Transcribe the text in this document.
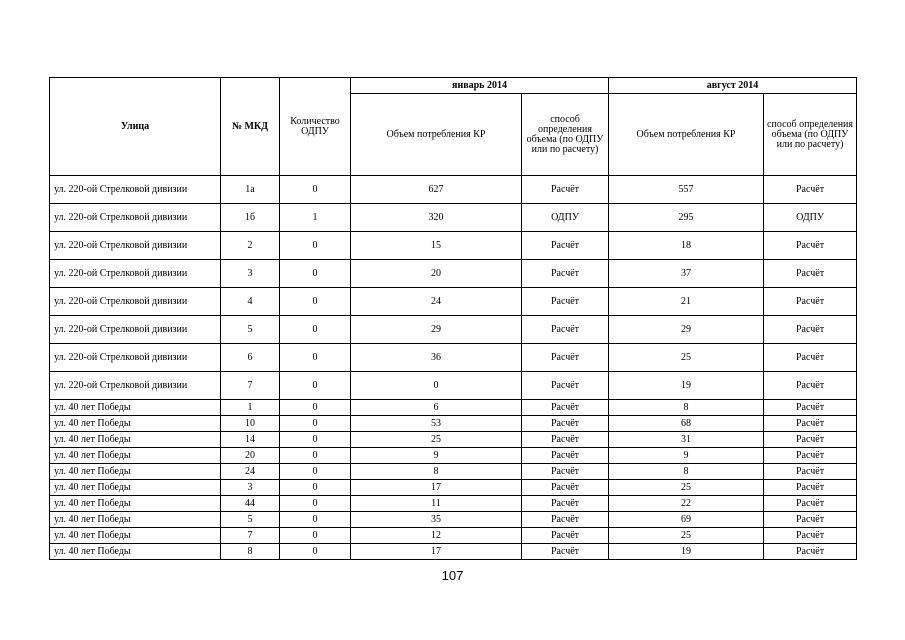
Улица	№ МКД	Количество ОДПУ	январь 2014		август 2014	
			Объем потребления КР	способ определения объема (по ОДПУ или по расчету)	Объем потребления КР	способ определения объема (по ОДПУ или по расчету)
ул. 220-ой Стрелковой дивизии	1а	0	627	Расчёт	557	Расчёт
ул. 220-ой Стрелковой дивизии	1б	1	320	ОДПУ	295	ОДПУ
ул. 220-ой Стрелковой дивизии	2	0	15	Расчёт	18	Расчёт
ул. 220-ой Стрелковой дивизии	3	0	20	Расчёт	37	Расчёт
ул. 220-ой Стрелковой дивизии	4	0	24	Расчёт	21	Расчёт
ул. 220-ой Стрелковой дивизии	5	0	29	Расчёт	29	Расчёт
ул. 220-ой Стрелковой дивизии	6	0	36	Расчёт	25	Расчёт
ул. 220-ой Стрелковой дивизии	7	0	0	Расчёт	19	Расчёт
ул. 40 лет Победы	1	0	6	Расчёт	8	Расчёт
ул. 40 лет Победы	10	0	53	Расчёт	68	Расчёт
ул. 40 лет Победы	14	0	25	Расчёт	31	Расчёт
ул. 40 лет Победы	20	0	9	Расчёт	9	Расчёт
ул. 40 лет Победы	24	0	8	Расчёт	8	Расчёт
ул. 40 лет Победы	3	0	17	Расчёт	25	Расчёт
ул. 40 лет Победы	44	0	11	Расчёт	22	Расчёт
ул. 40 лет Победы	5	0	35	Расчёт	69	Расчёт
ул. 40 лет Победы	7	0	12	Расчёт	25	Расчёт
ул. 40 лет Победы	8	0	17	Расчёт	19	Расчёт
107
